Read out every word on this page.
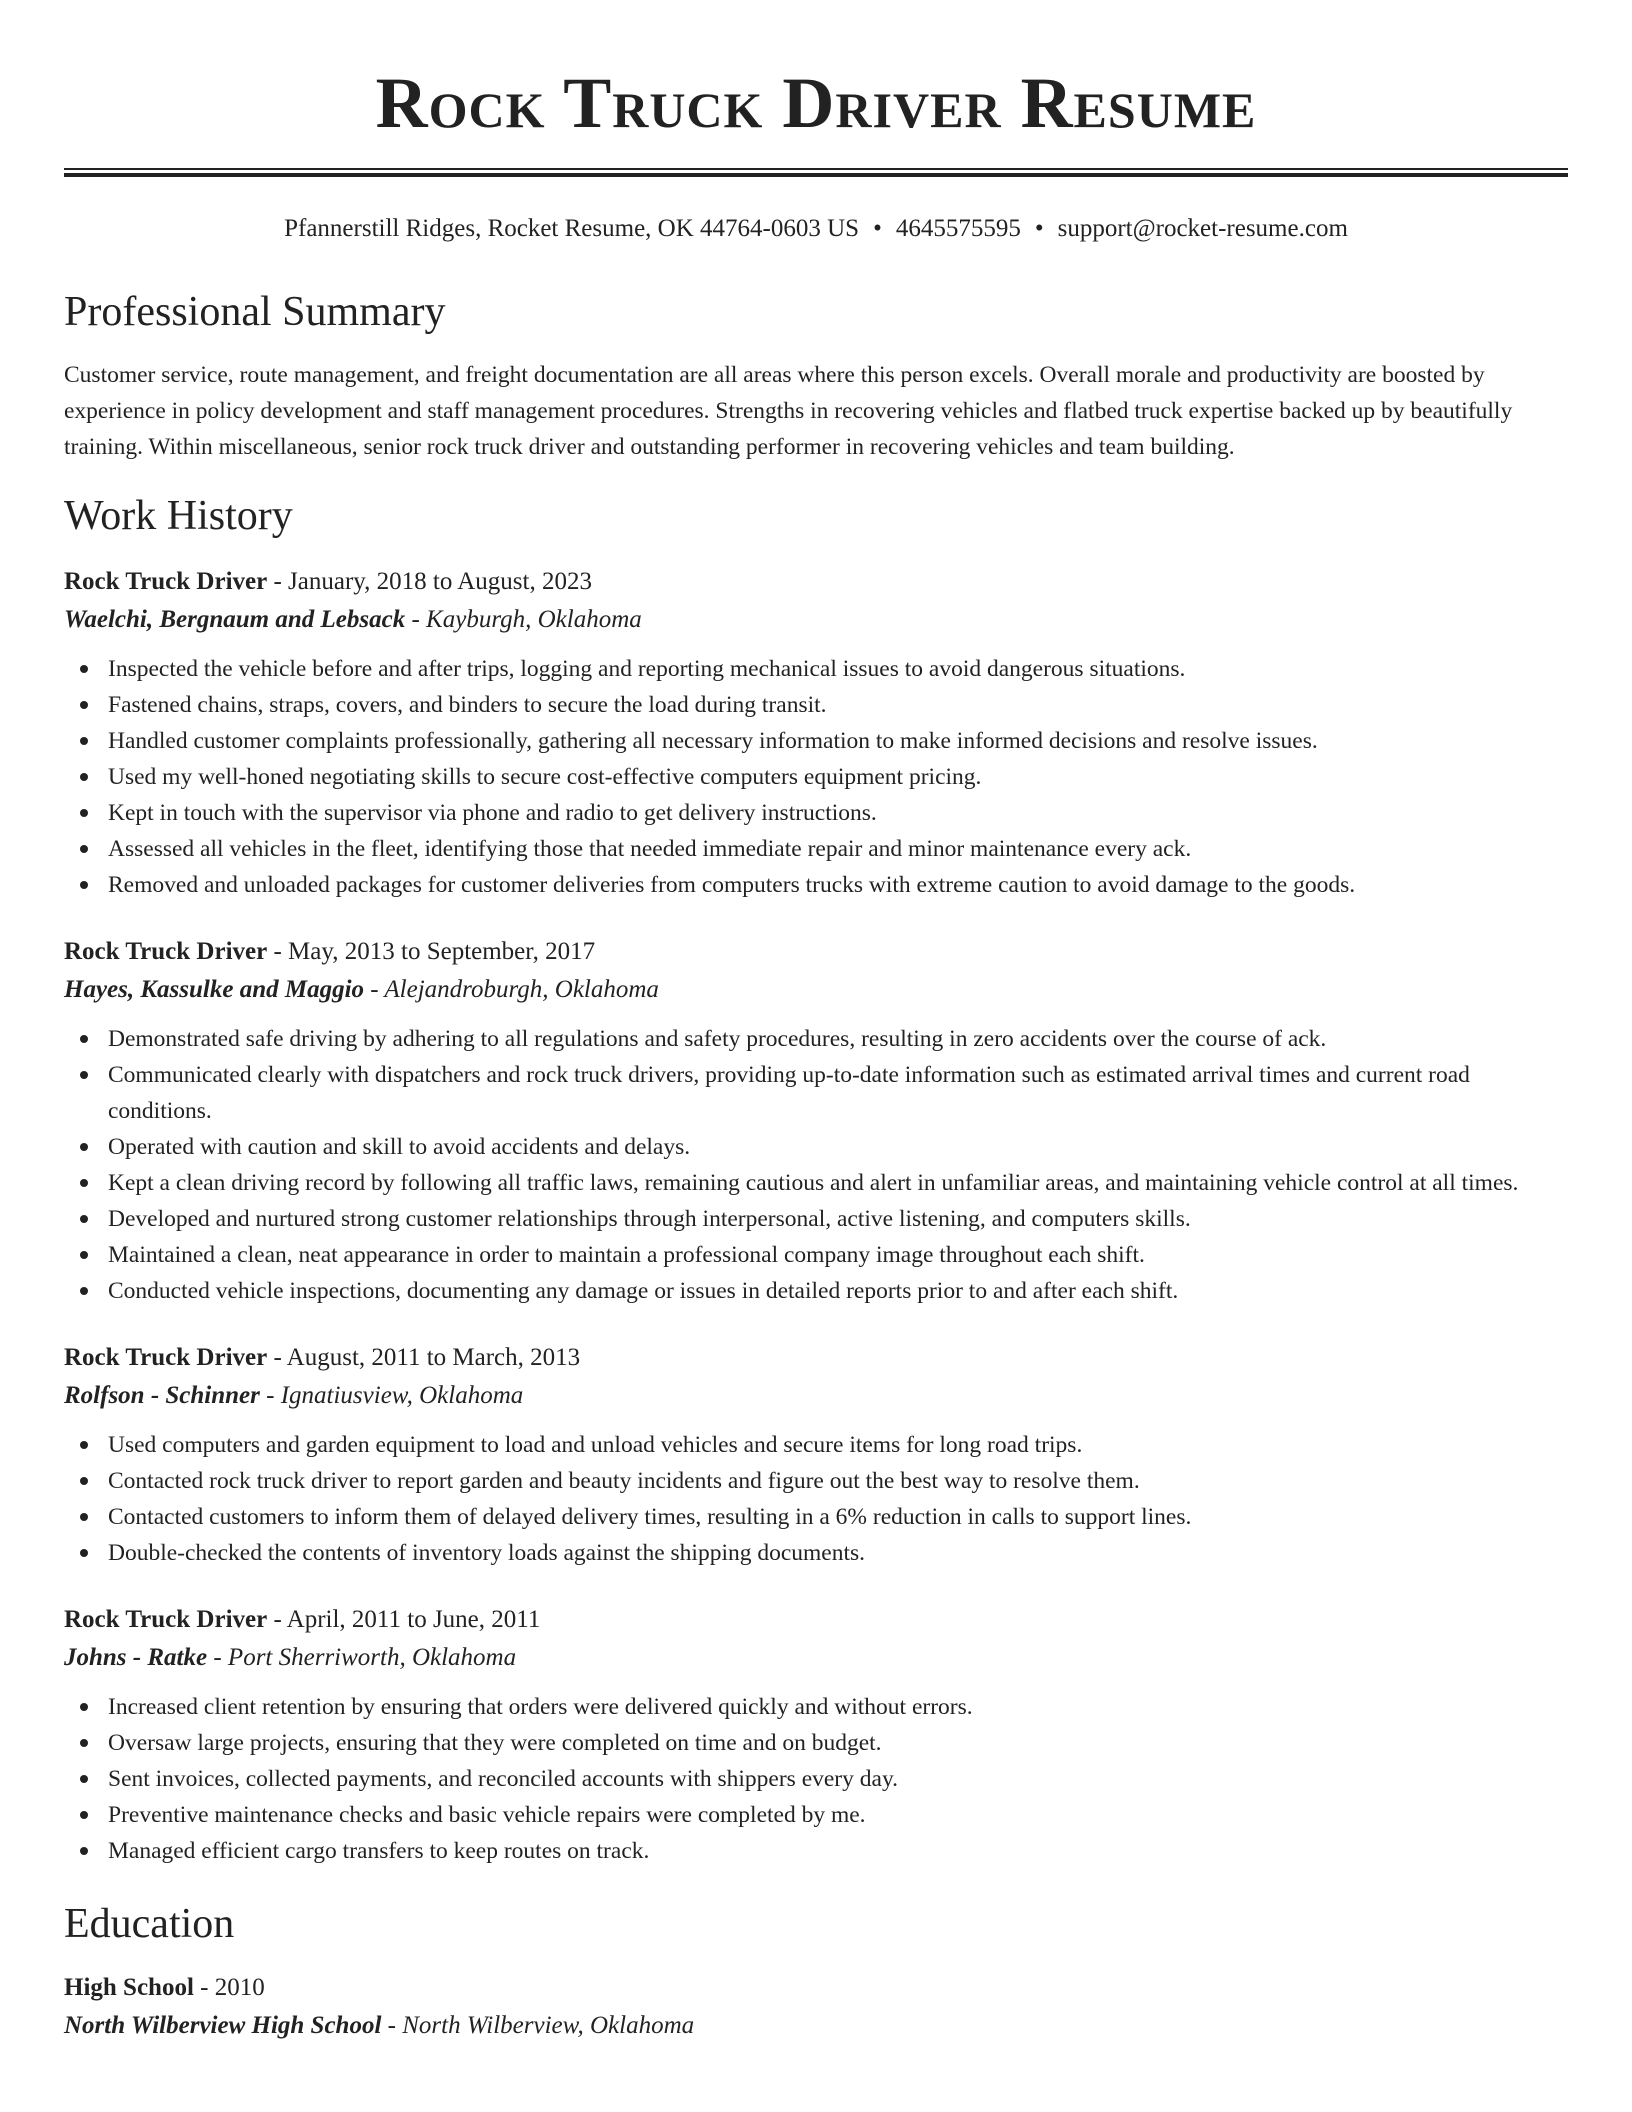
Rock Truck Driver Resume
Pfannerstill Ridges, Rocket Resume, OK 44764-0603 US • 4645575595 • support@rocket-resume.com
Professional Summary

Customer service, route management, and freight documentation are all areas where this person excels. Overall morale and productivity are boosted by experience in policy development and staff management procedures. Strengths in recovering vehicles and flatbed truck expertise backed up by beautifully training. Within miscellaneous, senior rock truck driver and outstanding performer in recovering vehicles and team building.

Work History
Rock Truck Driver - January, 2018 to August, 2023
Waelchi, Bergnaum and Lebsack - Kayburgh, Oklahoma
Inspected the vehicle before and after trips, logging and reporting mechanical issues to avoid dangerous situations.
Fastened chains, straps, covers, and binders to secure the load during transit.
Handled customer complaints professionally, gathering all necessary information to make informed decisions and resolve issues.
Used my well-honed negotiating skills to secure cost-effective computers equipment pricing.
Kept in touch with the supervisor via phone and radio to get delivery instructions.
Assessed all vehicles in the fleet, identifying those that needed immediate repair and minor maintenance every ack.
Removed and unloaded packages for customer deliveries from computers trucks with extreme caution to avoid damage to the goods.
Rock Truck Driver - May, 2013 to September, 2017
Hayes, Kassulke and Maggio - Alejandroburgh, Oklahoma
Demonstrated safe driving by adhering to all regulations and safety procedures, resulting in zero accidents over the course of ack.
Communicated clearly with dispatchers and rock truck drivers, providing up-to-date information such as estimated arrival times and current road conditions.
Operated with caution and skill to avoid accidents and delays.
Kept a clean driving record by following all traffic laws, remaining cautious and alert in unfamiliar areas, and maintaining vehicle control at all times.
Developed and nurtured strong customer relationships through interpersonal, active listening, and computers skills.
Maintained a clean, neat appearance in order to maintain a professional company image throughout each shift.
Conducted vehicle inspections, documenting any damage or issues in detailed reports prior to and after each shift.
Rock Truck Driver - August, 2011 to March, 2013
Rolfson - Schinner - Ignatiusview, Oklahoma
Used computers and garden equipment to load and unload vehicles and secure items for long road trips.
Contacted rock truck driver to report garden and beauty incidents and figure out the best way to resolve them.
Contacted customers to inform them of delayed delivery times, resulting in a 6% reduction in calls to support lines.
Double-checked the contents of inventory loads against the shipping documents.
Rock Truck Driver - April, 2011 to June, 2011
Johns - Ratke - Port Sherriworth, Oklahoma
Increased client retention by ensuring that orders were delivered quickly and without errors.
Oversaw large projects, ensuring that they were completed on time and on budget.
Sent invoices, collected payments, and reconciled accounts with shippers every day.
Preventive maintenance checks and basic vehicle repairs were completed by me.
Managed efficient cargo transfers to keep routes on track.
Education
High School - 2010
North Wilberview High School - North Wilberview, Oklahoma
